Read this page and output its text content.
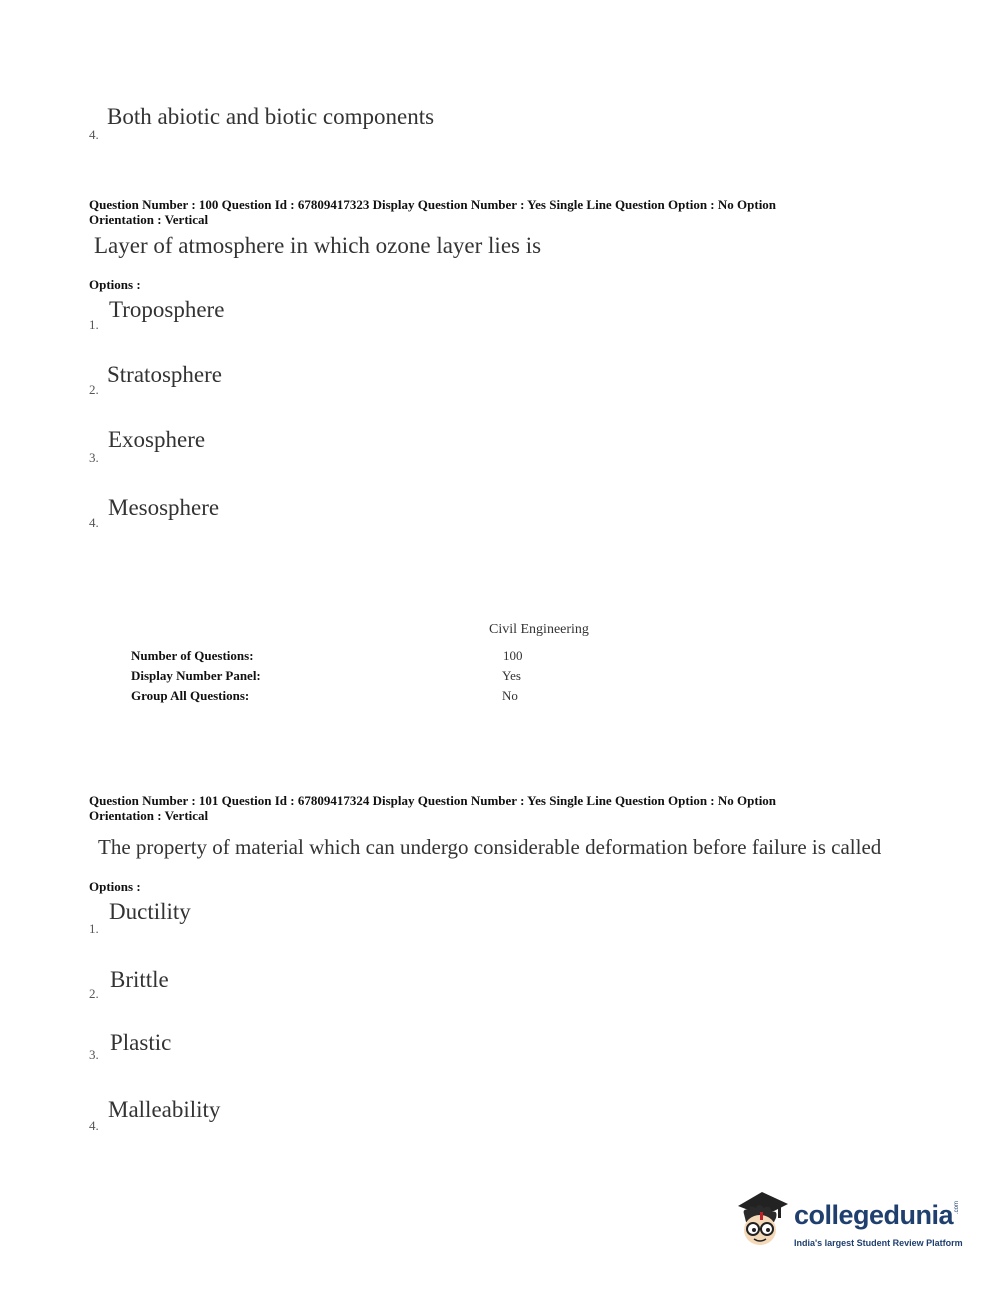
4.
Both abiotic and biotic components
Question Number : 100 Question Id : 67809417323 Display Question Number : Yes Single Line Question Option : No Option
Orientation : Vertical
Layer of atmosphere in which ozone layer lies is
Options :
1.
Troposphere
2.
Stratosphere
3.
Exosphere
4.
Mesosphere
Civil Engineering
Number of Questions:	100
Display Number Panel:	Yes
Group All Questions:	No
Question Number : 101 Question Id : 67809417324 Display Question Number : Yes Single Line Question Option : No Option
Orientation : Vertical
The property of material which can undergo considerable deformation before failure is called
Options :
1.
Ductility
2.
Brittle
3. Plastic
4.
Malleability
collegedunia .com
India's largest Student Review Platform
